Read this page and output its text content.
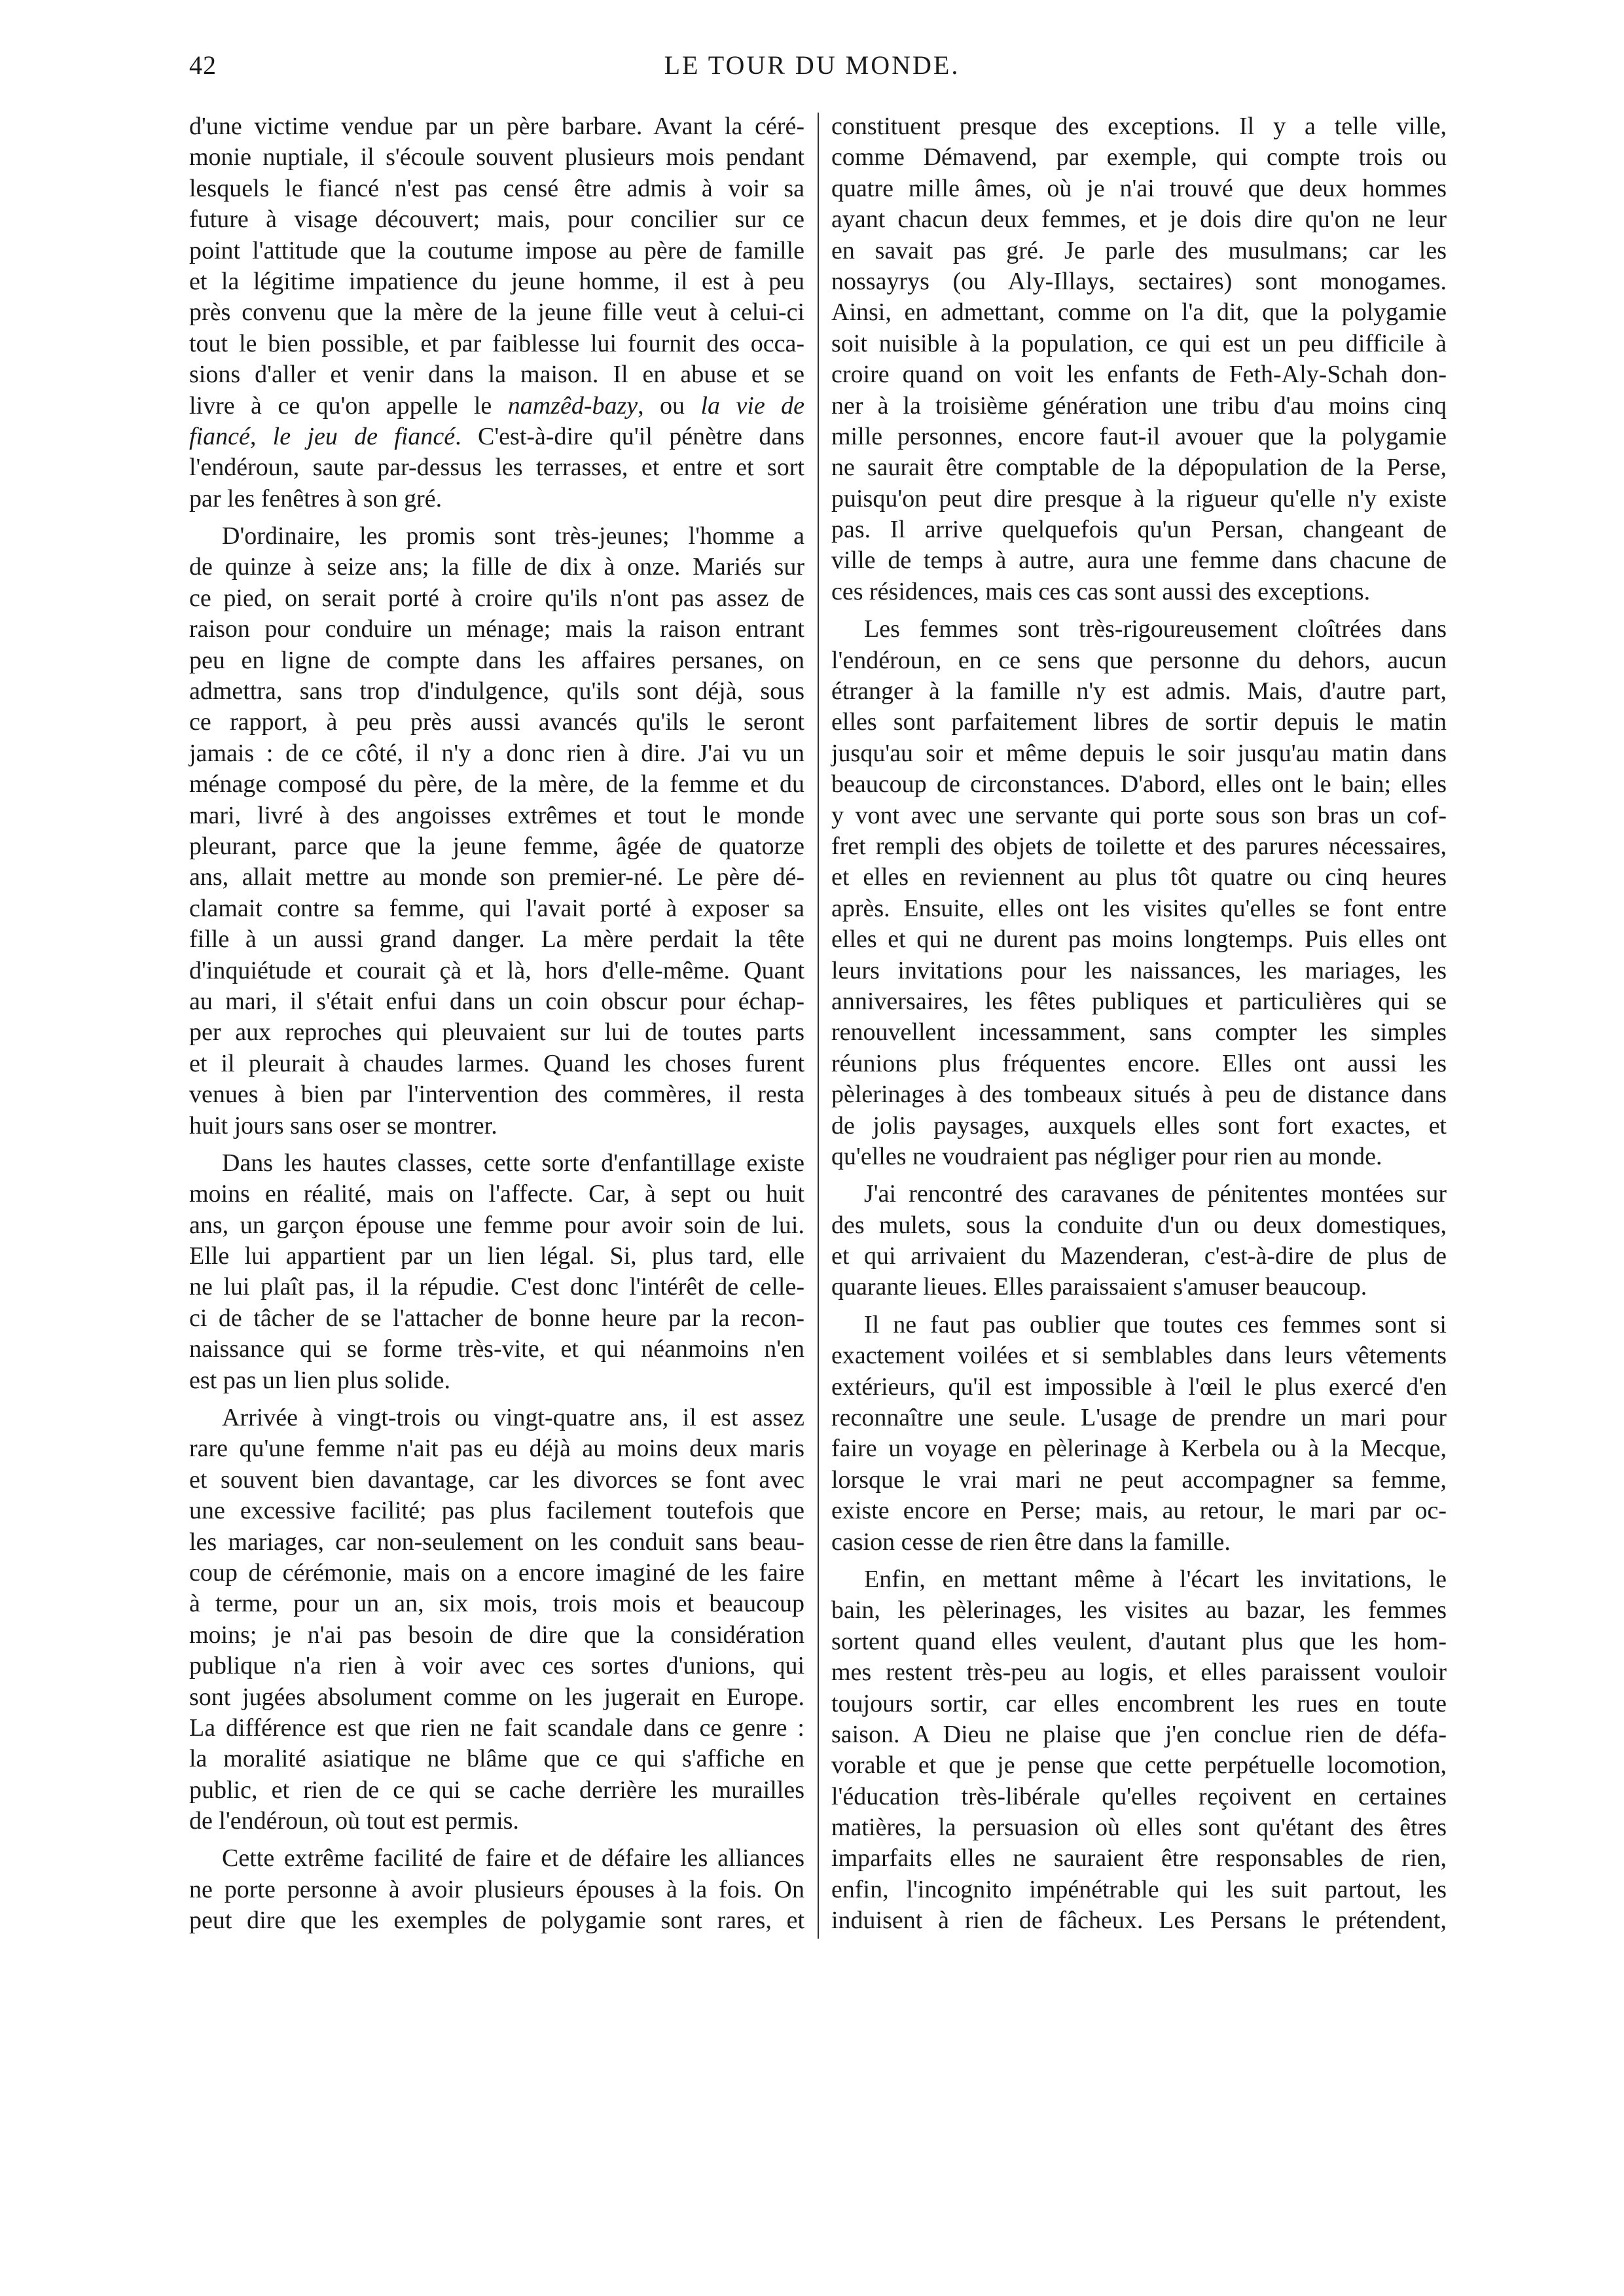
42	LE TOUR DU MONDE.
d'une victime vendue par un père barbare. Avant la céré-
monie nuptiale, il s'écoule souvent plusieurs mois pendant
lesquels le fiancé n'est pas censé être admis à voir sa
future à visage découvert; mais, pour concilier sur ce
point l'attitude que la coutume impose au père de famille
et la légitime impatience du jeune homme, il est à peu
près convenu que la mère de la jeune fille veut à celui-ci
tout le bien possible, et par faiblesse lui fournit des occa-
sions d'aller et venir dans la maison. Il en abuse et se
livre à ce qu'on appelle le namzêd-bazy, ou la vie de
fiancé, le jeu de fiancé. C'est-à-dire qu'il pénètre dans
l'endéroun, saute par-dessus les terrasses, et entre et sort
par les fenêtres à son gré.
D'ordinaire, les promis sont très-jeunes; l'homme a
de quinze à seize ans; la fille de dix à onze. Mariés sur
ce pied, on serait porté à croire qu'ils n'ont pas assez de
raison pour conduire un ménage; mais la raison entrant
peu en ligne de compte dans les affaires persanes, on
admettra, sans trop d'indulgence, qu'ils sont déjà, sous
ce rapport, à peu près aussi avancés qu'ils le seront
jamais : de ce côté, il n'y a donc rien à dire. J'ai vu un
ménage composé du père, de la mère, de la femme et du
mari, livré à des angoisses extrêmes et tout le monde
pleurant, parce que la jeune femme, âgée de quatorze
ans, allait mettre au monde son premier-né. Le père dé-
clamait contre sa femme, qui l'avait porté à exposer sa
fille à un aussi grand danger. La mère perdait la tête
d'inquiétude et courait çà et là, hors d'elle-même. Quant
au mari, il s'était enfui dans un coin obscur pour échap-
per aux reproches qui pleuvaient sur lui de toutes parts
et il pleurait à chaudes larmes. Quand les choses furent
venues à bien par l'intervention des commères, il resta
huit jours sans oser se montrer.
Dans les hautes classes, cette sorte d'enfantillage existe
moins en réalité, mais on l'affecte. Car, à sept ou huit
ans, un garçon épouse une femme pour avoir soin de lui.
Elle lui appartient par un lien légal. Si, plus tard, elle
ne lui plaît pas, il la répudie. C'est donc l'intérêt de celle-
ci de tâcher de se l'attacher de bonne heure par la recon-
naissance qui se forme très-vite, et qui néanmoins n'en
est pas un lien plus solide.
Arrivée à vingt-trois ou vingt-quatre ans, il est assez
rare qu'une femme n'ait pas eu déjà au moins deux maris
et souvent bien davantage, car les divorces se font avec
une excessive facilité; pas plus facilement toutefois que
les mariages, car non-seulement on les conduit sans beau-
coup de cérémonie, mais on a encore imaginé de les faire
à terme, pour un an, six mois, trois mois et beaucoup
moins; je n'ai pas besoin de dire que la considération
publique n'a rien à voir avec ces sortes d'unions, qui
sont jugées absolument comme on les jugerait en Europe.
La différence est que rien ne fait scandale dans ce genre :
la moralité asiatique ne blâme que ce qui s'affiche en
public, et rien de ce qui se cache derrière les murailles
de l'endéroun, où tout est permis.
Cette extrême facilité de faire et de défaire les alliances
ne porte personne à avoir plusieurs épouses à la fois. On
peut dire que les exemples de polygamie sont rares, et
constituent presque des exceptions. Il y a telle ville,
comme Démavend, par exemple, qui compte trois ou
quatre mille âmes, où je n'ai trouvé que deux hommes
ayant chacun deux femmes, et je dois dire qu'on ne leur
en savait pas gré. Je parle des musulmans; car les
nossayrys (ou Aly-Illays, sectaires) sont monogames.
Ainsi, en admettant, comme on l'a dit, que la polygamie
soit nuisible à la population, ce qui est un peu difficile à
croire quand on voit les enfants de Feth-Aly-Schah don-
ner à la troisième génération une tribu d'au moins cinq
mille personnes, encore faut-il avouer que la polygamie
ne saurait être comptable de la dépopulation de la Perse,
puisqu'on peut dire presque à la rigueur qu'elle n'y existe
pas. Il arrive quelquefois qu'un Persan, changeant de
ville de temps à autre, aura une femme dans chacune de
ces résidences, mais ces cas sont aussi des exceptions.
Les femmes sont très-rigoureusement cloîtrées dans
l'endéroun, en ce sens que personne du dehors, aucun
étranger à la famille n'y est admis. Mais, d'autre part,
elles sont parfaitement libres de sortir depuis le matin
jusqu'au soir et même depuis le soir jusqu'au matin dans
beaucoup de circonstances. D'abord, elles ont le bain; elles
y vont avec une servante qui porte sous son bras un cof-
fret rempli des objets de toilette et des parures nécessaires,
et elles en reviennent au plus tôt quatre ou cinq heures
après. Ensuite, elles ont les visites qu'elles se font entre
elles et qui ne durent pas moins longtemps. Puis elles ont
leurs invitations pour les naissances, les mariages, les
anniversaires, les fêtes publiques et particulières qui se
renouvellent incessamment, sans compter les simples
réunions plus fréquentes encore. Elles ont aussi les
pèlerinages à des tombeaux situés à peu de distance dans
de jolis paysages, auxquels elles sont fort exactes, et
qu'elles ne voudraient pas négliger pour rien au monde.
J'ai rencontré des caravanes de pénitentes montées sur
des mulets, sous la conduite d'un ou deux domestiques,
et qui arrivaient du Mazenderan, c'est-à-dire de plus de
quarante lieues. Elles paraissaient s'amuser beaucoup.
Il ne faut pas oublier que toutes ces femmes sont si
exactement voilées et si semblables dans leurs vêtements
extérieurs, qu'il est impossible à l'œil le plus exercé d'en
reconnaître une seule. L'usage de prendre un mari pour
faire un voyage en pèlerinage à Kerbela ou à la Mecque,
lorsque le vrai mari ne peut accompagner sa femme,
existe encore en Perse; mais, au retour, le mari par oc-
casion cesse de rien être dans la famille.
Enfin, en mettant même à l'écart les invitations, le
bain, les pèlerinages, les visites au bazar, les femmes
sortent quand elles veulent, d'autant plus que les hom-
mes restent très-peu au logis, et elles paraissent vouloir
toujours sortir, car elles encombrent les rues en toute
saison. A Dieu ne plaise que j'en conclue rien de défa-
vorable et que je pense que cette perpétuelle locomotion,
l'éducation très-libérale qu'elles reçoivent en certaines
matières, la persuasion où elles sont qu'étant des êtres
imparfaits elles ne sauraient être responsables de rien,
enfin, l'incognito impénétrable qui les suit partout, les
induisent à rien de fâcheux. Les Persans le prétendent,
